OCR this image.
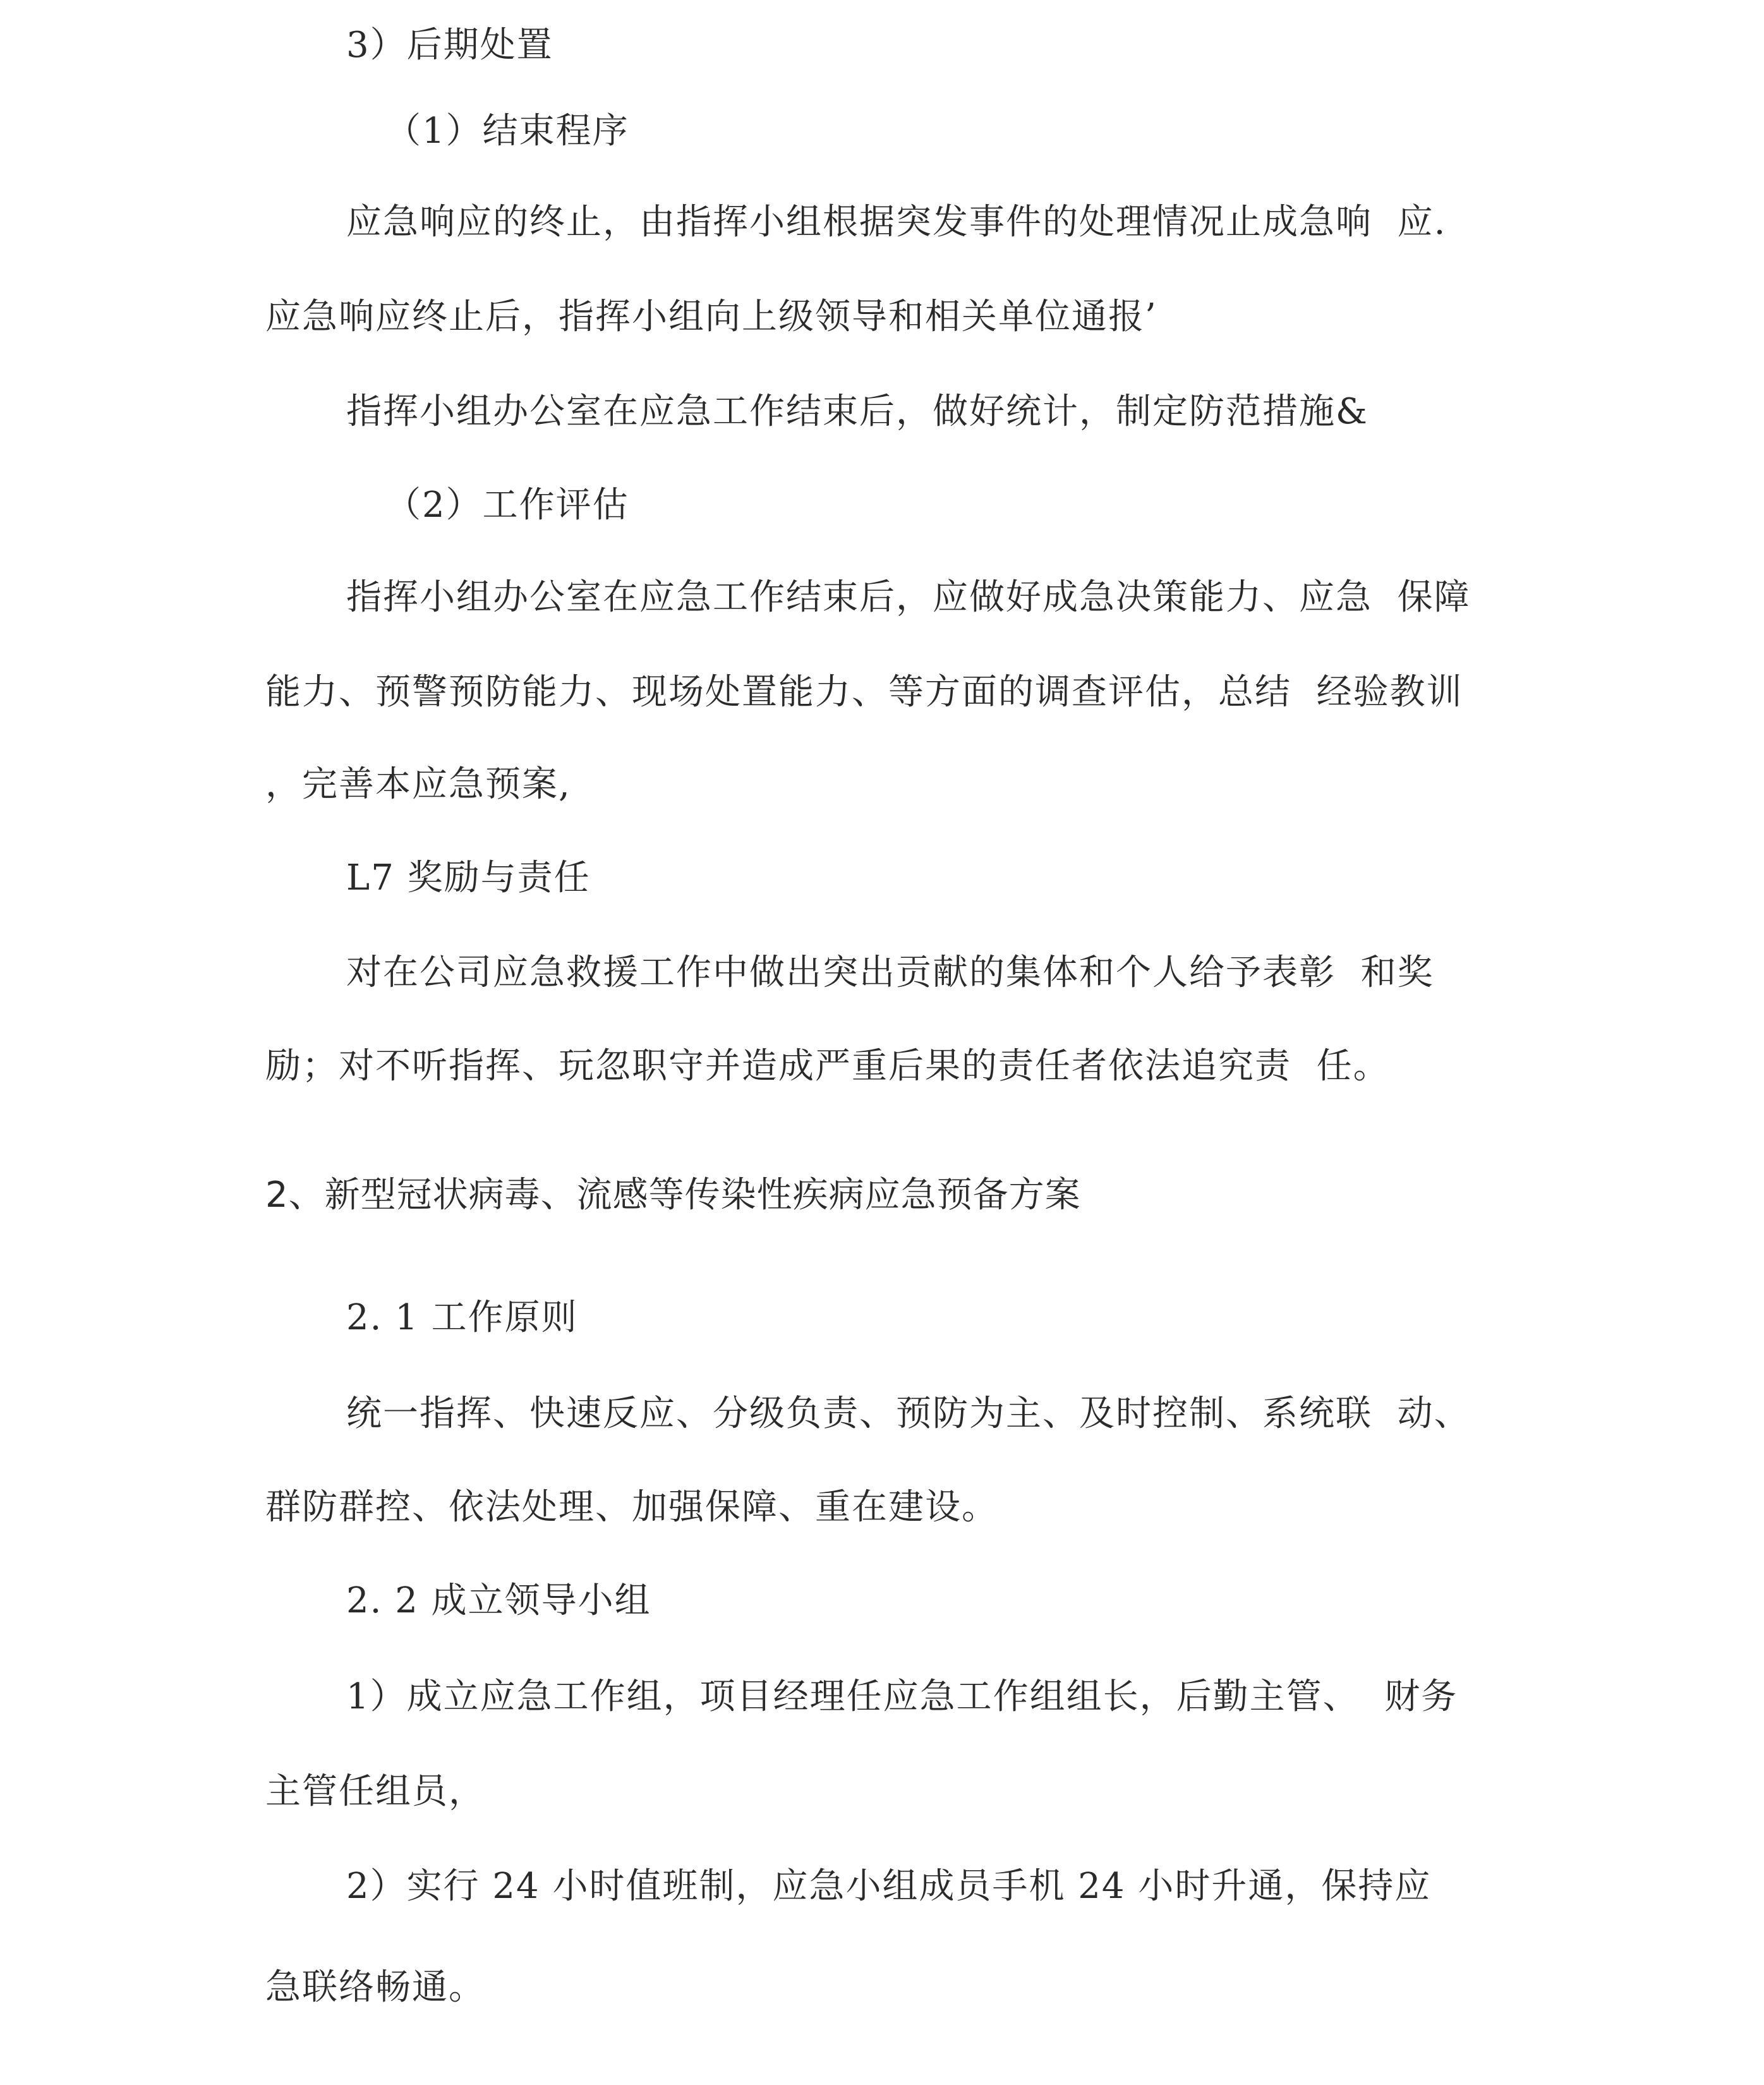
3）后期处置
（1）结束程序
应急响应的终止，由指挥小组根据突发事件的处理情况止成急响  应.
应急响应终止后，指挥小组向上级领导和相关单位通报’
指挥小组办公室在应急工作结束后，做好统计，制定防范措施&
（2）工作评估
指挥小组办公室在应急工作结束后，应做好成急决策能力、应急  保障
能力、预警预防能力、现场处置能力、等方面的调查评估，总结  经验教训
，完善本应急预案,
L7 奖励与责任
对在公司应急救援工作中做出突出贡献的集体和个人给予表彰  和奖
励；对不听指挥、玩忽职守并造成严重后果的责任者依法追究责  任。
2、新型冠状病毒、流感等传染性疾病应急预备方案
2. 1 工作原则
统一指挥、快速反应、分级负责、预防为主、及时控制、系统联  动、
群防群控、依法处理、加强保障、重在建设。
2. 2 成立领导小组
1）成立应急工作组，项目经理任应急工作组组长，后勤主管、  财务
主管任组员，
2）实行 24 小时值班制，应急小组成员手机 24 小时升通，保持应
急联络畅通。
